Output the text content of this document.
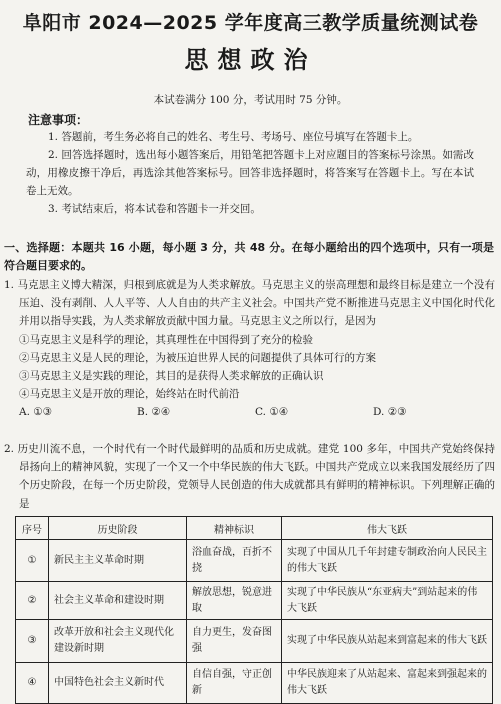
阜阳市 2024—2025 学年度高三教学质量统测试卷
思想政治
本试卷满分 100 分，考试用时 75 分钟。
注意事项：

1. 答题前，考生务必将自己的姓名、考生号、考场号、座位号填写在答题卡上。

2. 回答选择题时，选出每小题答案后，用铅笔把答题卡上对应题目的答案标号涂黑。如需改动，用橡皮擦干净后，再选涂其他答案标号。回答非选择题时，将答案写在答题卡上。写在本试卷上无效。

3. 考试结束后，将本试卷和答题卡一并交回。

一、选择题：本题共 16 小题，每小题 3 分，共 48 分。在每小题给出的四个选项中，只有一项是符合题目要求的。

1. 马克思主义博大精深，归根到底就是为人类求解放。马克思主义的崇高理想和最终目标是建立一个没有压迫、没有剥削、人人平等、人人自由的共产主义社会。中国共产党不断推进马克思主义中国化时代化并用以指导实践，为人类求解放贡献中国力量。马克思主义之所以行，是因为

①马克思主义是科学的理论，其真理性在中国得到了充分的检验

②马克思主义是人民的理论，为被压迫世界人民的问题提供了具体可行的方案

③马克思主义是实践的理论，其目的是获得人类求解放的正确认识

④马克思主义是开放的理论，始终站在时代前沿

A. ①③	B. ②④	C. ①④	D. ②③

2. 历史川流不息，一个时代有一个时代最鲜明的品质和历史成就。建党 100 多年，中国共产党始终保持昂扬向上的精神风貌，实现了一个又一个中华民族的伟大飞跃。中国共产党成立以来我国发展经历了四个历史阶段，在每一个历史阶段，党领导人民创造的伟大成就都具有鲜明的精神标识。下列理解正确的是

序号	历史阶段	精神标识	伟大飞跃
①	新民主主义革命时期	浴血奋战，百折不挠	实现了中国从几千年封建专制政治向人民民主的伟大飞跃
②	社会主义革命和建设时期	解放思想，锐意进取	实现了中华民族从“东亚病夫”到站起来的伟大飞跃
③	改革开放和社会主义现代化建设新时期	自力更生，发奋图强	实现了中华民族从站起来到富起来的伟大飞跃
④	中国特色社会主义新时代	自信自强，守正创新	中华民族迎来了从站起来、富起来到强起来的伟大飞跃
